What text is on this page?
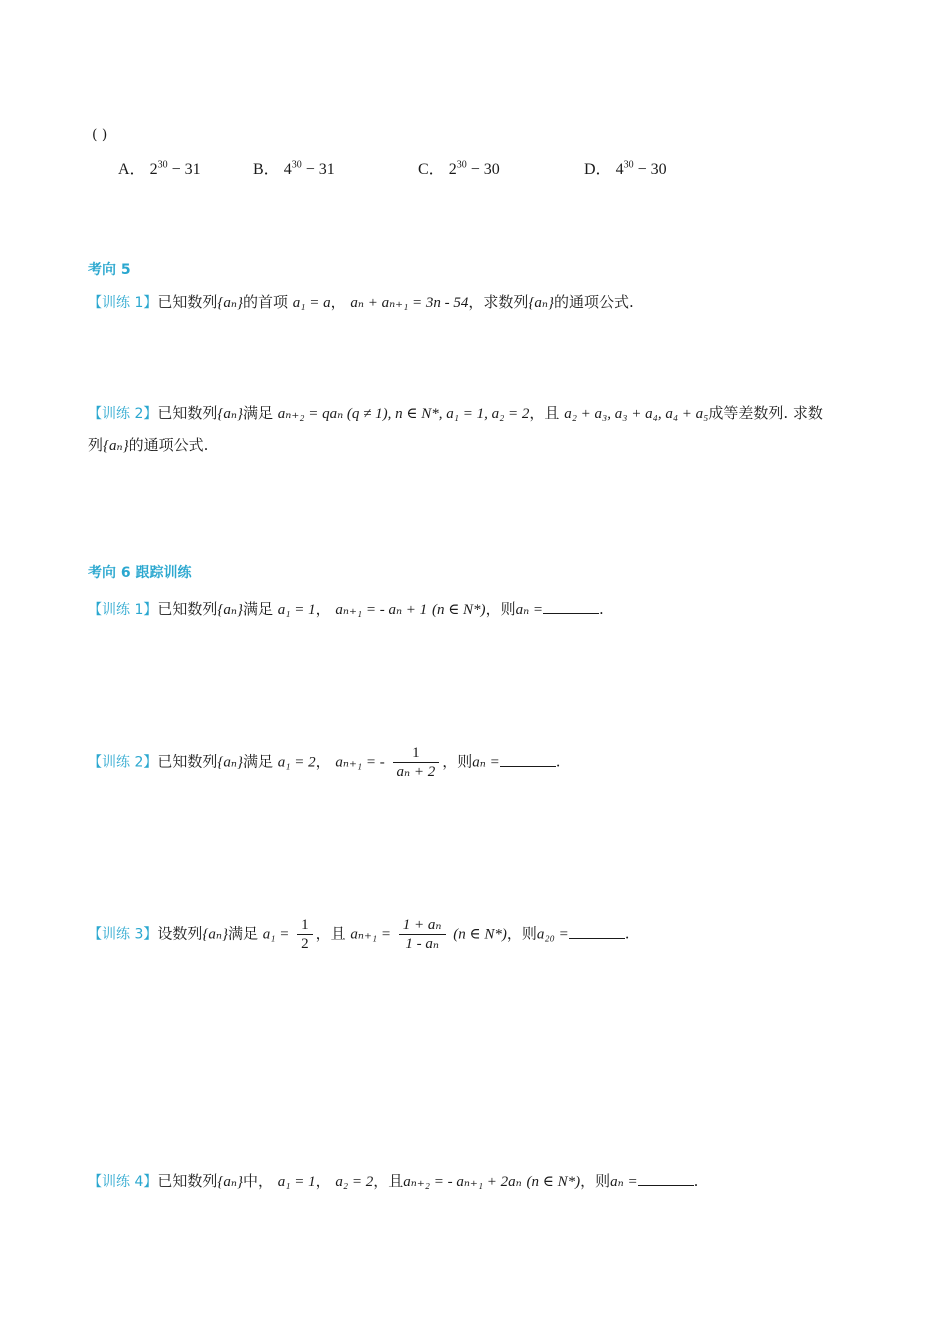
( )
A． $2^{30} - 31$	B． $4^{30} - 31$	C． $2^{30} - 30$	D． $4^{30} - 30$
考向 5
【训练 1】已知数列{aₙ}的首项 a₁ = a， aₙ + aₙ₊₁ = 3n - 54，求数列{aₙ}的通项公式.
【训练 2】已知数列{aₙ}满足 aₙ₊₂ = qaₙ (q ≠ 1), n ∈ N*, a₁ = 1, a₂ = 2，且 a₂ + a₃, a₃ + a₄, a₄ + a₅成等差数列. 求数
列{aₙ}的通项公式.
考向 6 跟踪训练
【训练 1】已知数列{aₙ}满足 a₁ = 1， aₙ₊₁ = - aₙ + 1 (n ∈ N*)，则aₙ =	.
【训练 2】已知数列{aₙ}满足 a₁ = 2， aₙ₊₁ = - $\frac{1}{\text{aₙ + 2}}$ ，则aₙ =	.
【训练 3】设数列{aₙ}满足 $a_1 = \frac{1}{2}$ ，且 $a_{n+1} = \frac{\text{1 + aₙ}}{\text{1 - aₙ}} (n$ ∈ N*)，则a₂₀ =	.
【训练 4】已知数列{aₙ}中， a₁ = 1， a₂ = 2，且aₙ₊₂ = - aₙ₊₁ + 2aₙ (n ∈ N*)，则aₙ =	.
